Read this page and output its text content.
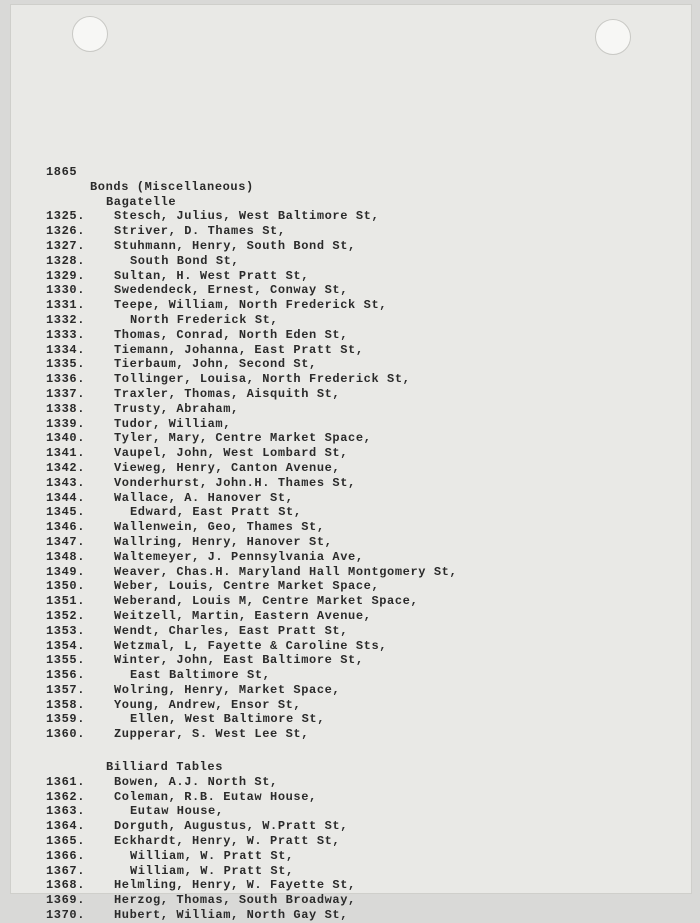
1865
Bonds (Miscellaneous)
Bagatelle
1325. Stesch, Julius, West Baltimore St,
1326. Striver, D. Thames St,
1327. Stuhmann, Henry, South Bond St,
1328.	South Bond St,
1329. Sultan, H. West Pratt St,
1330. Swedendeck, Ernest, Conway St,
1331. Teepe, William, North Frederick St,
1332.	North Frederick St,
1333. Thomas, Conrad, North Eden St,
1334. Tiemann, Johanna, East Pratt St,
1335. Tierbaum, John, Second St,
1336. Tollinger, Louisa, North Frederick St,
1337. Traxler, Thomas, Aisquith St,
1338. Trusty, Abraham,
1339. Tudor, William,
1340. Tyler, Mary, Centre Market Space,
1341. Vaupel, John, West Lombard St,
1342. Vieweg, Henry, Canton Avenue,
1343. Vonderhurst, John.H. Thames St,
1344. Wallace, A. Hanover St,
1345.	Edward, East Pratt St,
1346. Wallenwein, Geo, Thames St,
1347. Wallring, Henry, Hanover St,
1348. Waltemeyer, J. Pennsylvania Ave,
1349. Weaver, Chas.H. Maryland Hall Montgomery St,
1350. Weber, Louis, Centre Market Space,
1351. Weberand, Louis M, Centre Market Space,
1352. Weitzell, Martin, Eastern Avenue,
1353. Wendt, Charles, East Pratt St,
1354. Wetzmal, L, Fayette & Caroline Sts,
1355. Winter, John, East Baltimore St,
1356.	East Baltimore St,
1357. Wolring, Henry, Market Space,
1358. Young, Andrew, Ensor St,
1359.	Ellen, West Baltimore St,
1360. Zupperar, S. West Lee St,
Billiard Tables
1361. Bowen, A.J. North St,
1362. Coleman, R.B. Eutaw House,
1363.	Eutaw House,
1364. Dorguth, Augustus, W.Pratt St,
1365. Eckhardt, Henry, W. Pratt St,
1366.	William, W. Pratt St,
1367.	William, W. Pratt St,
1368. Helmling, Henry, W. Fayette St,
1369. Herzog, Thomas, South Broadway,
1370. Hubert, William, North Gay St,
